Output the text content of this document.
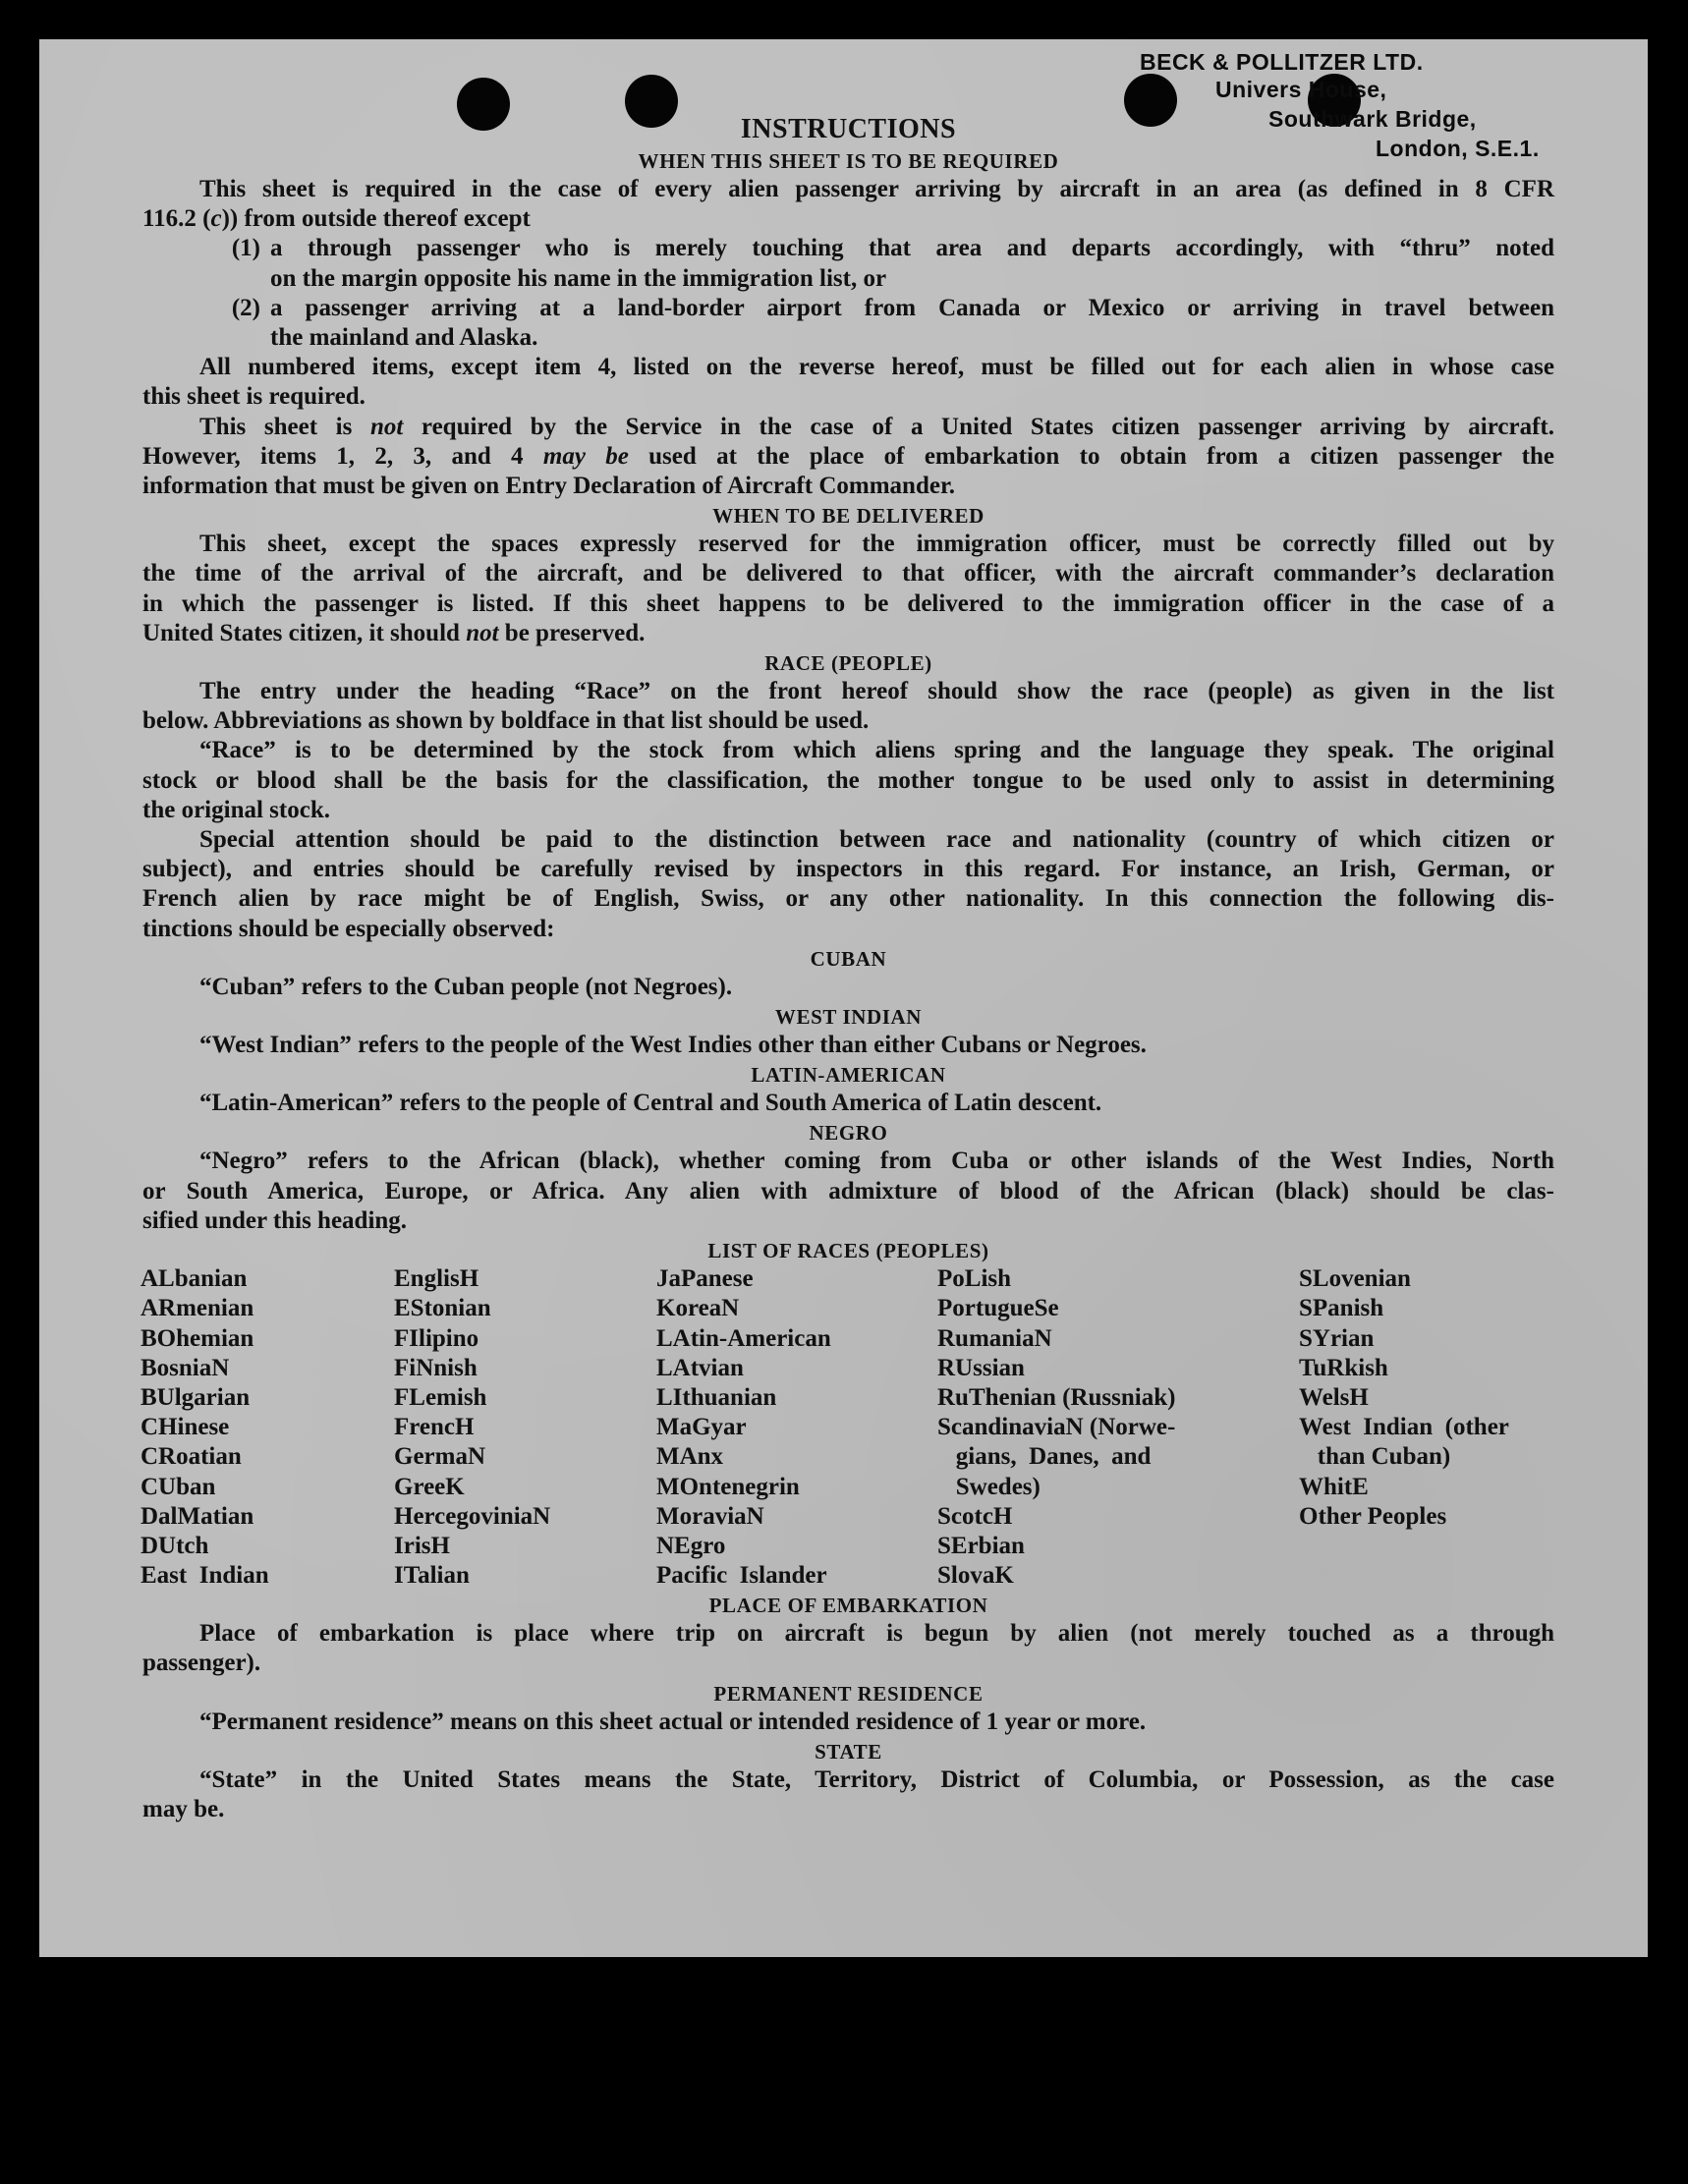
BECK & POLLITZER LTD.
Univers House,
Southwark Bridge,
London, S.E.1.
INSTRUCTIONS
WHEN THIS SHEET IS TO BE REQUIRED
This sheet is required in the case of every alien passenger arriving by aircraft in an area (as defined in 8 CFR
116.2 (c)) from outside thereof except
(1) a through passenger who is merely touching that area and departs accordingly, with “thru” noted
on the margin opposite his name in the immigration list, or
(2) a passenger arriving at a land-border airport from Canada or Mexico or arriving in travel between
the mainland and Alaska.
All numbered items, except item 4, listed on the reverse hereof, must be filled out for each alien in whose case
this sheet is required.
This sheet is not required by the Service in the case of a United States citizen passenger arriving by aircraft.
However, items 1, 2, 3, and 4 may be used at the place of embarkation to obtain from a citizen passenger the
information that must be given on Entry Declaration of Aircraft Commander.
WHEN TO BE DELIVERED
This sheet, except the spaces expressly reserved for the immigration officer, must be correctly filled out by
the time of the arrival of the aircraft, and be delivered to that officer, with the aircraft commander’s declaration
in which the passenger is listed. If this sheet happens to be delivered to the immigration officer in the case of a
United States citizen, it should not be preserved.
RACE (PEOPLE)
The entry under the heading “Race” on the front hereof should show the race (people) as given in the list
below. Abbreviations as shown by boldface in that list should be used.
“Race” is to be determined by the stock from which aliens spring and the language they speak. The original
stock or blood shall be the basis for the classification, the mother tongue to be used only to assist in determining
the original stock.
Special attention should be paid to the distinction between race and nationality (country of which citizen or
subject), and entries should be carefully revised by inspectors in this regard. For instance, an Irish, German, or
French alien by race might be of English, Swiss, or any other nationality. In this connection the following dis-
tinctions should be especially observed:
CUBAN
“Cuban” refers to the Cuban people (not Negroes).
WEST INDIAN
“West Indian” refers to the people of the West Indies other than either Cubans or Negroes.
LATIN-AMERICAN
“Latin-American” refers to the people of Central and South America of Latin descent.
NEGRO
“Negro” refers to the African (black), whether coming from Cuba or other islands of the West Indies, North
or South America, Europe, or Africa. Any alien with admixture of blood of the African (black) should be clas-
sified under this heading.
LIST OF RACES (PEOPLES)
ALbanian
ARmenian
BOhemian
BosniaN
BUlgarian
CHinese
CRoatian
CUban
DalMatian
DUtch
East  Indian
EnglisH
EStonian
FIlipino
FiNnish
FLemish
FrencH
GermaN
GreeK
HercegoviniaN
IrisH
ITalian
JaPanese
KoreaN
LAtin-American
LAtvian
LIthuanian
MaGyar
MAnx
MOntenegrin
MoraviaN
NEgro
Pacific  Islander
PoLish
PortugueSe
RumaniaN
RUssian
RuThenian (Russniak)
ScandinaviaN (Norwe-
gians,  Danes,  and
Swedes)
ScotcH
SErbian
SlovaK
SLovenian
SPanish
SYrian
TuRkish
WelsH
West  Indian  (other
than Cuban)
WhitE
Other Peoples
PLACE OF EMBARKATION
Place of embarkation is place where trip on aircraft is begun by alien (not merely touched as a through
passenger).
PERMANENT RESIDENCE
“Permanent residence” means on this sheet actual or intended residence of 1 year or more.
STATE
“State” in the United States means the State, Territory, District of Columbia, or Possession, as the case
may be.
